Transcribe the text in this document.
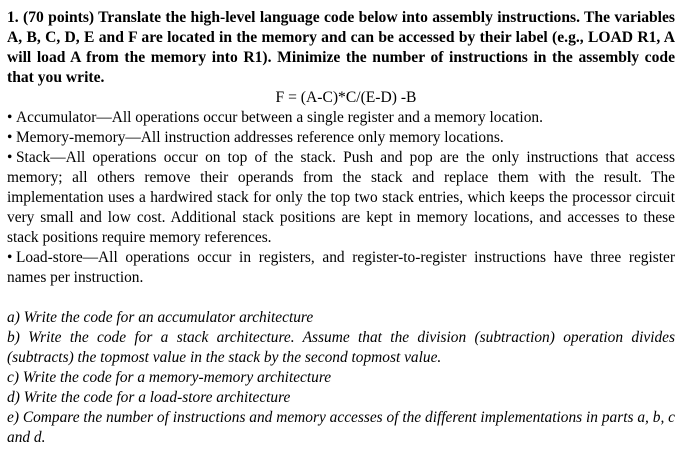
1. (70 points) Translate the high-level language code below into assembly instructions. The variables A, B, C, D, E and F are located in the memory and can be accessed by their label (e.g., LOAD R1, A will load A from the memory into R1). Minimize the number of instructions in the assembly code that you write.

F = (A-C)*C/(E-D) -B

• Accumulator—All operations occur between a single register and a memory location.

• Memory-memory—All instruction addresses reference only memory locations.

• Stack—All operations occur on top of the stack. Push and pop are the only instructions that access memory; all others remove their operands from the stack and replace them with the result. The implementation uses a hardwired stack for only the top two stack entries, which keeps the processor circuit very small and low cost. Additional stack positions are kept in memory locations, and accesses to these stack positions require memory references.

• Load-store—All operations occur in registers, and register-to-register instructions have three register names per instruction.

a) Write the code for an accumulator architecture

b) Write the code for a stack architecture. Assume that the division (subtraction) operation divides (subtracts) the topmost value in the stack by the second topmost value.

c) Write the code for a memory-memory architecture

d) Write the code for a load-store architecture

e) Compare the number of instructions and memory accesses of the different implementations in parts a, b, c and d.
